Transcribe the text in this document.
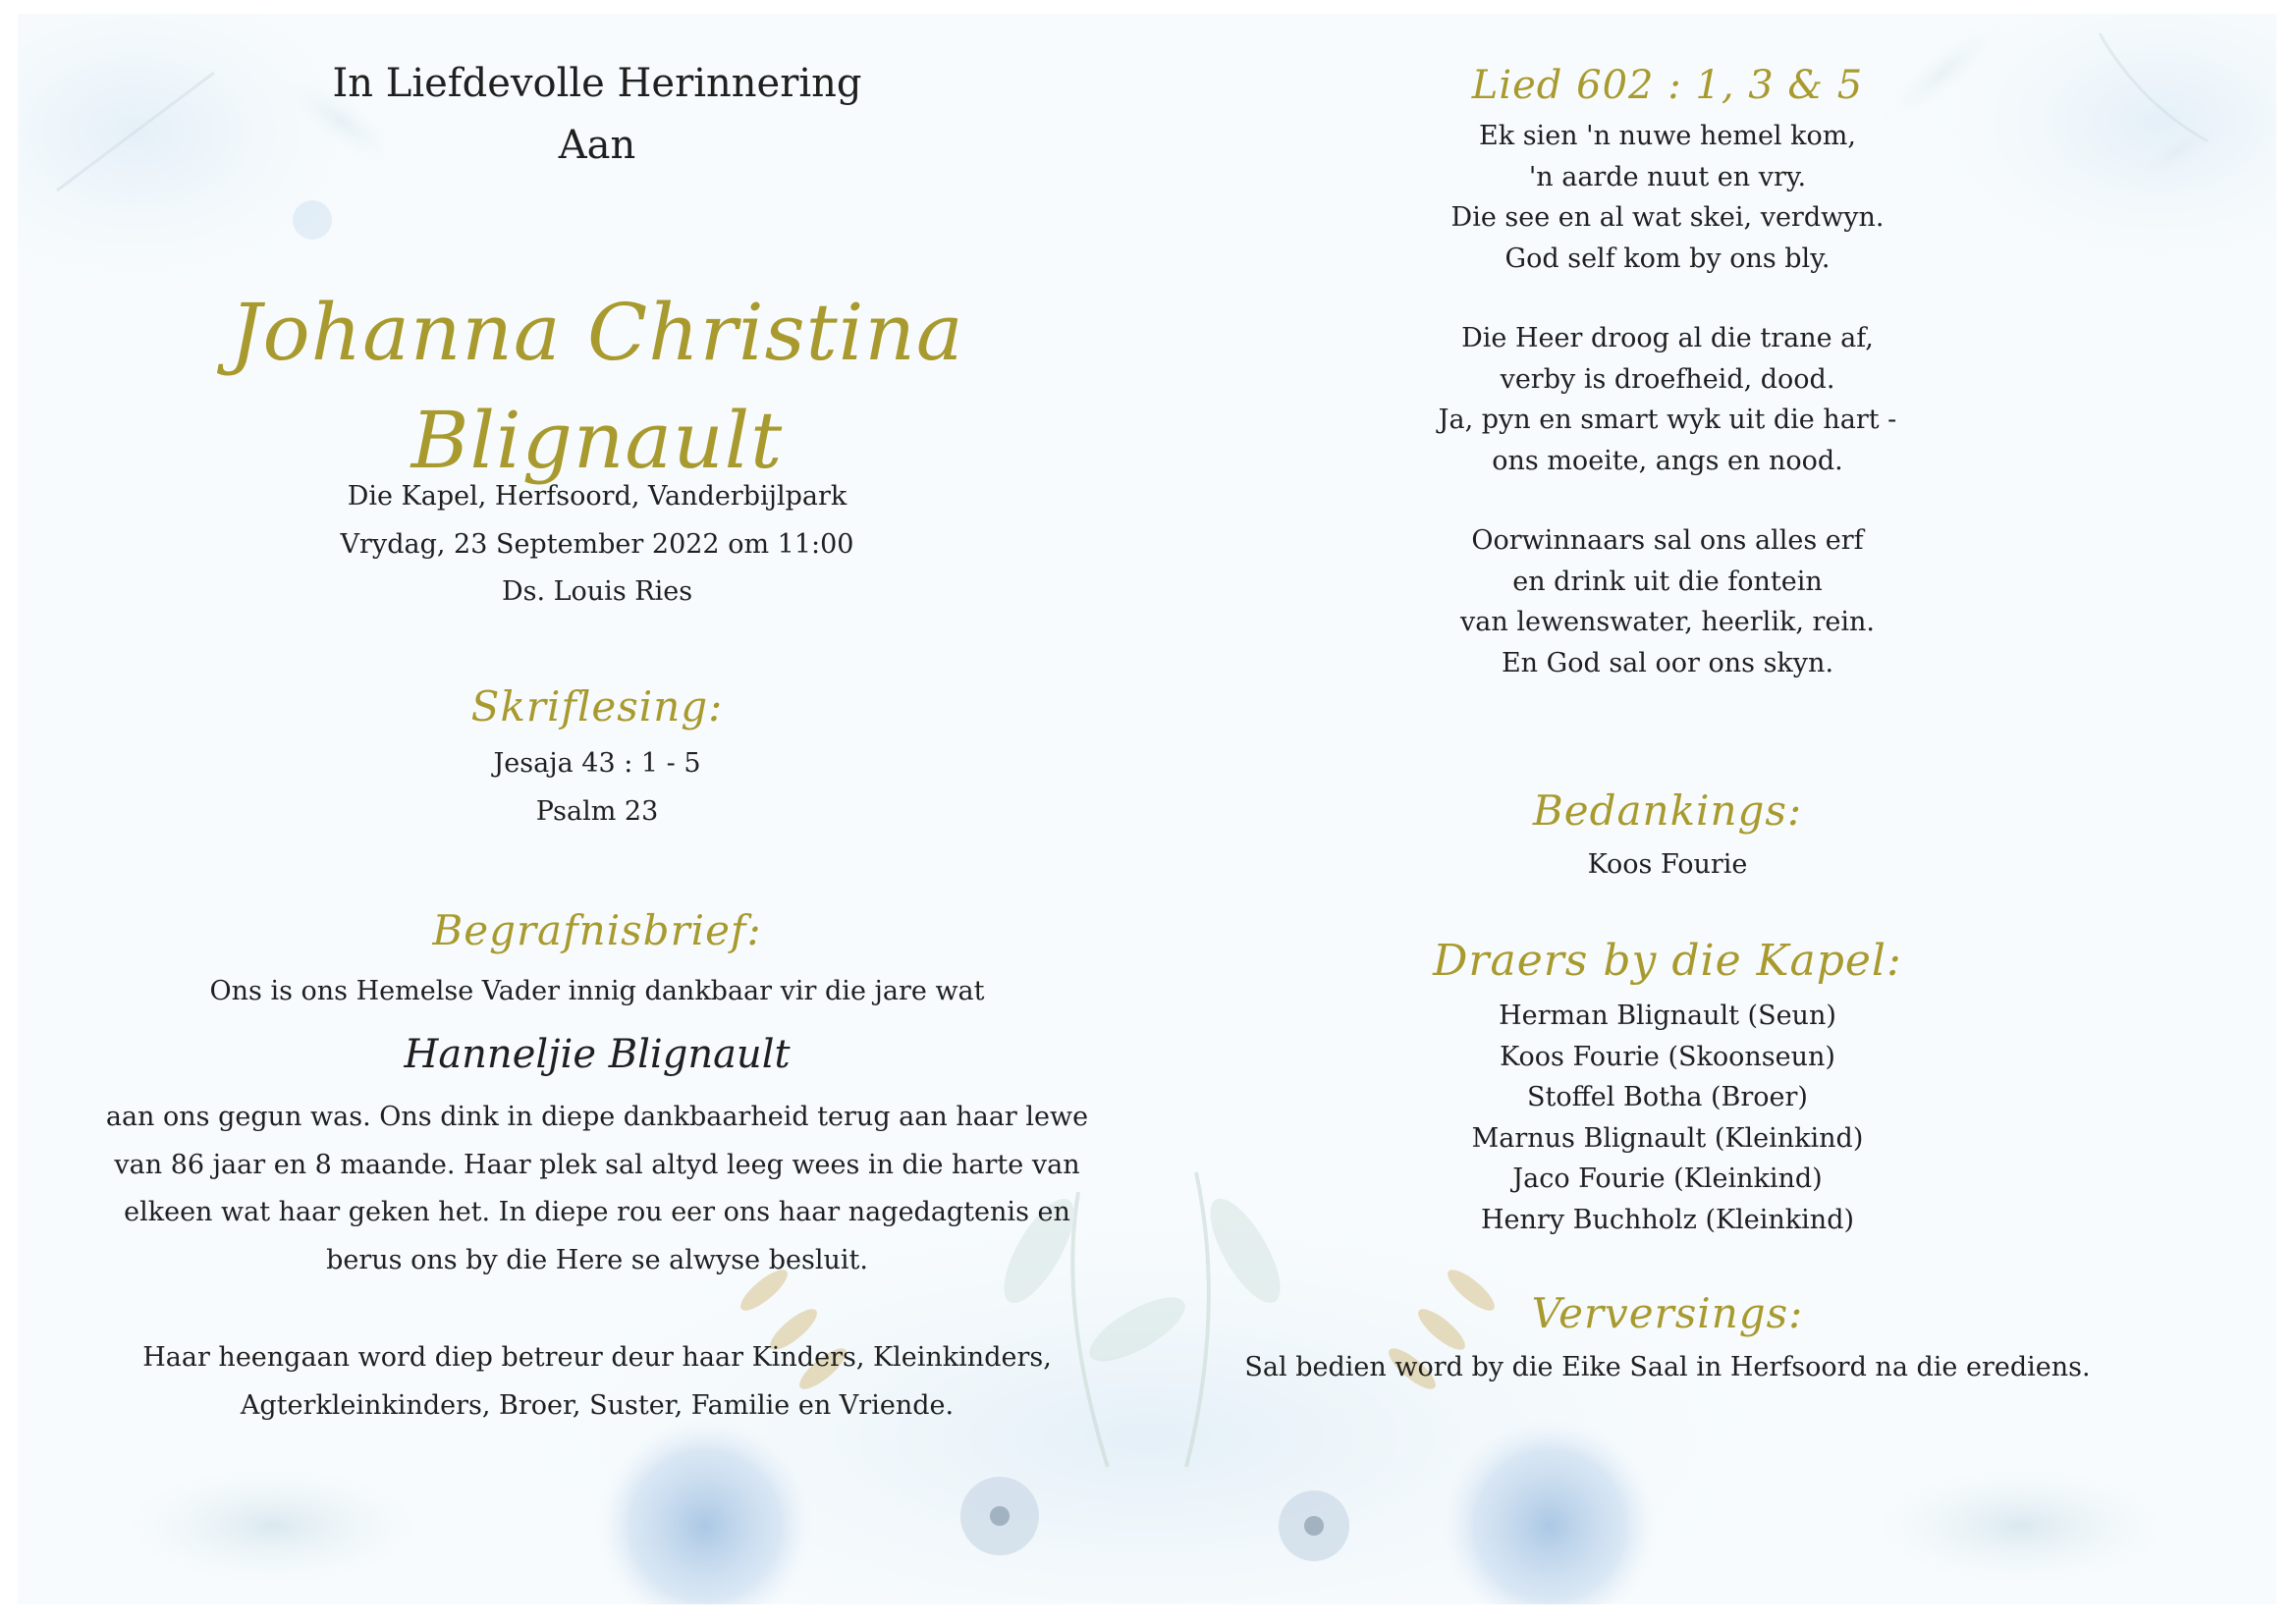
In Liefdevolle Herinnering
Aan
Johanna Christina Blignault
Die Kapel, Herfsoord, Vanderbijlpark
Vrydag, 23 September 2022 om 11:00
Ds. Louis Ries
Skriflesing:
Jesaja 43 : 1 - 5
Psalm 23
Begrafnisbrief:
Ons is ons Hemelse Vader innig dankbaar vir die jare wat
Hanneljie Blignault
aan ons gegun was. Ons dink in diepe dankbaarheid terug aan haar lewe
van 86 jaar en 8 maande. Haar plek sal altyd leeg wees in die harte van
elkeen wat haar geken het. In diepe rou eer ons haar nagedagtenis en
berus ons by die Here se alwyse besluit.
Haar heengaan word diep betreur deur haar Kinders, Kleinkinders,
Agterkleinkinders, Broer, Suster, Familie en Vriende.
Lied 602 : 1, 3 & 5
Ek sien 'n nuwe hemel kom,
'n aarde nuut en vry.
Die see en al wat skei, verdwyn.
God self kom by ons bly.
Die Heer droog al die trane af,
verby is droefheid, dood.
Ja, pyn en smart wyk uit die hart -
ons moeite, angs en nood.
Oorwinnaars sal ons alles erf
en drink uit die fontein
van lewenswater, heerlik, rein.
En God sal oor ons skyn.
Bedankings:
Koos Fourie
Draers by die Kapel:
Herman Blignault (Seun)
Koos Fourie (Skoonseun)
Stoffel Botha (Broer)
Marnus Blignault (Kleinkind)
Jaco Fourie (Kleinkind)
Henry Buchholz (Kleinkind)
Verversings:
Sal bedien word by die Eike Saal in Herfsoord na die erediens.
